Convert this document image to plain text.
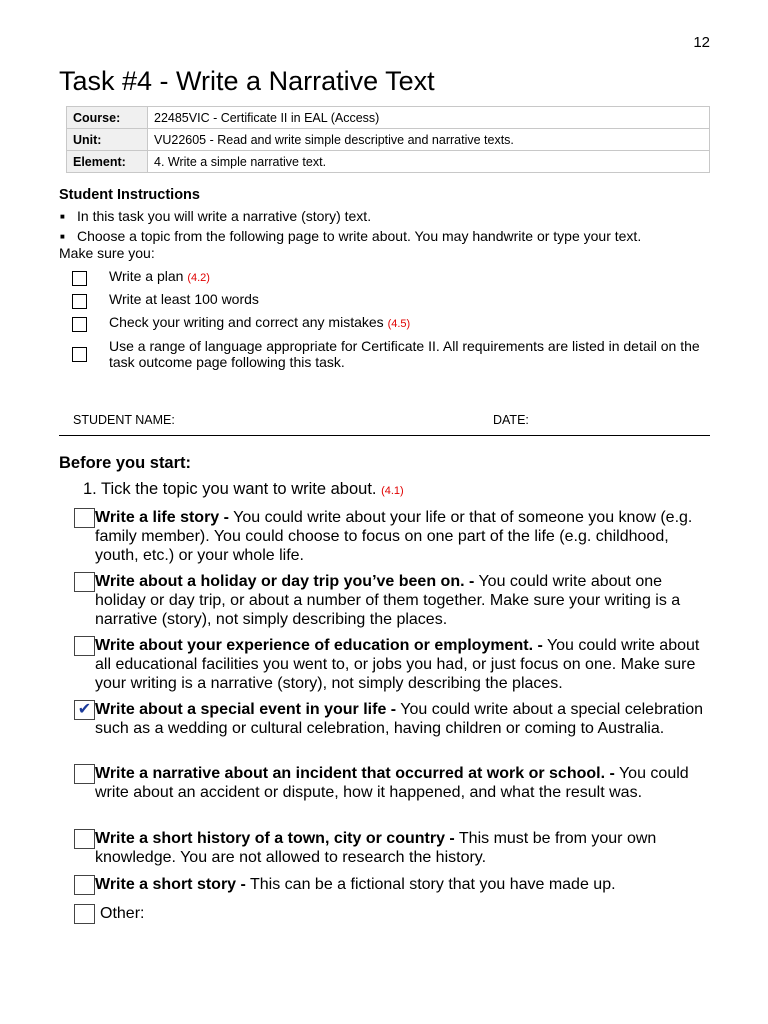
12
Task #4 - Write a Narrative Text
Course:	22485VIC - Certificate II in EAL (Access)
Unit:	VU22605 - Read and write simple descriptive and narrative texts.
Element:	4. Write a simple narrative text.
Student Instructions
■ In this task you will write a narrative (story) text.
■ Choose a topic from the following page to write about. You may handwrite or type your text.
Make sure you:
Write a plan (4.2)
Write at least 100 words
Check your writing and correct any mistakes (4.5)
Use a range of language appropriate for Certificate II. All requirements are listed in detail on the task outcome page following this task.
STUDENT NAME:	DATE:
Before you start:
1. Tick the topic you want to write about. (4.1)
Write a life story - You could write about your life or that of someone you know (e.g. family member). You could choose to focus on one part of the life (e.g. childhood, youth, etc.) or your whole life.
Write about a holiday or day trip you’ve been on. - You could write about one holiday or day trip, or about a number of them together. Make sure your writing is a narrative (story), not simply describing the places.
Write about your experience of education or employment. - You could write about all educational facilities you went to, or jobs you had, or just focus on one. Make sure your writing is a narrative (story), not simply describing the places.
✔ Write about a special event in your life - You could write about a special celebration such as a wedding or cultural celebration, having children or coming to Australia.
Write a narrative about an incident that occurred at work or school. - You could write about an accident or dispute, how it happened, and what the result was.
Write a short history of a town, city or country - This must be from your own knowledge. You are not allowed to research the history.
Write a short story - This can be a fictional story that you have made up.
Other:
